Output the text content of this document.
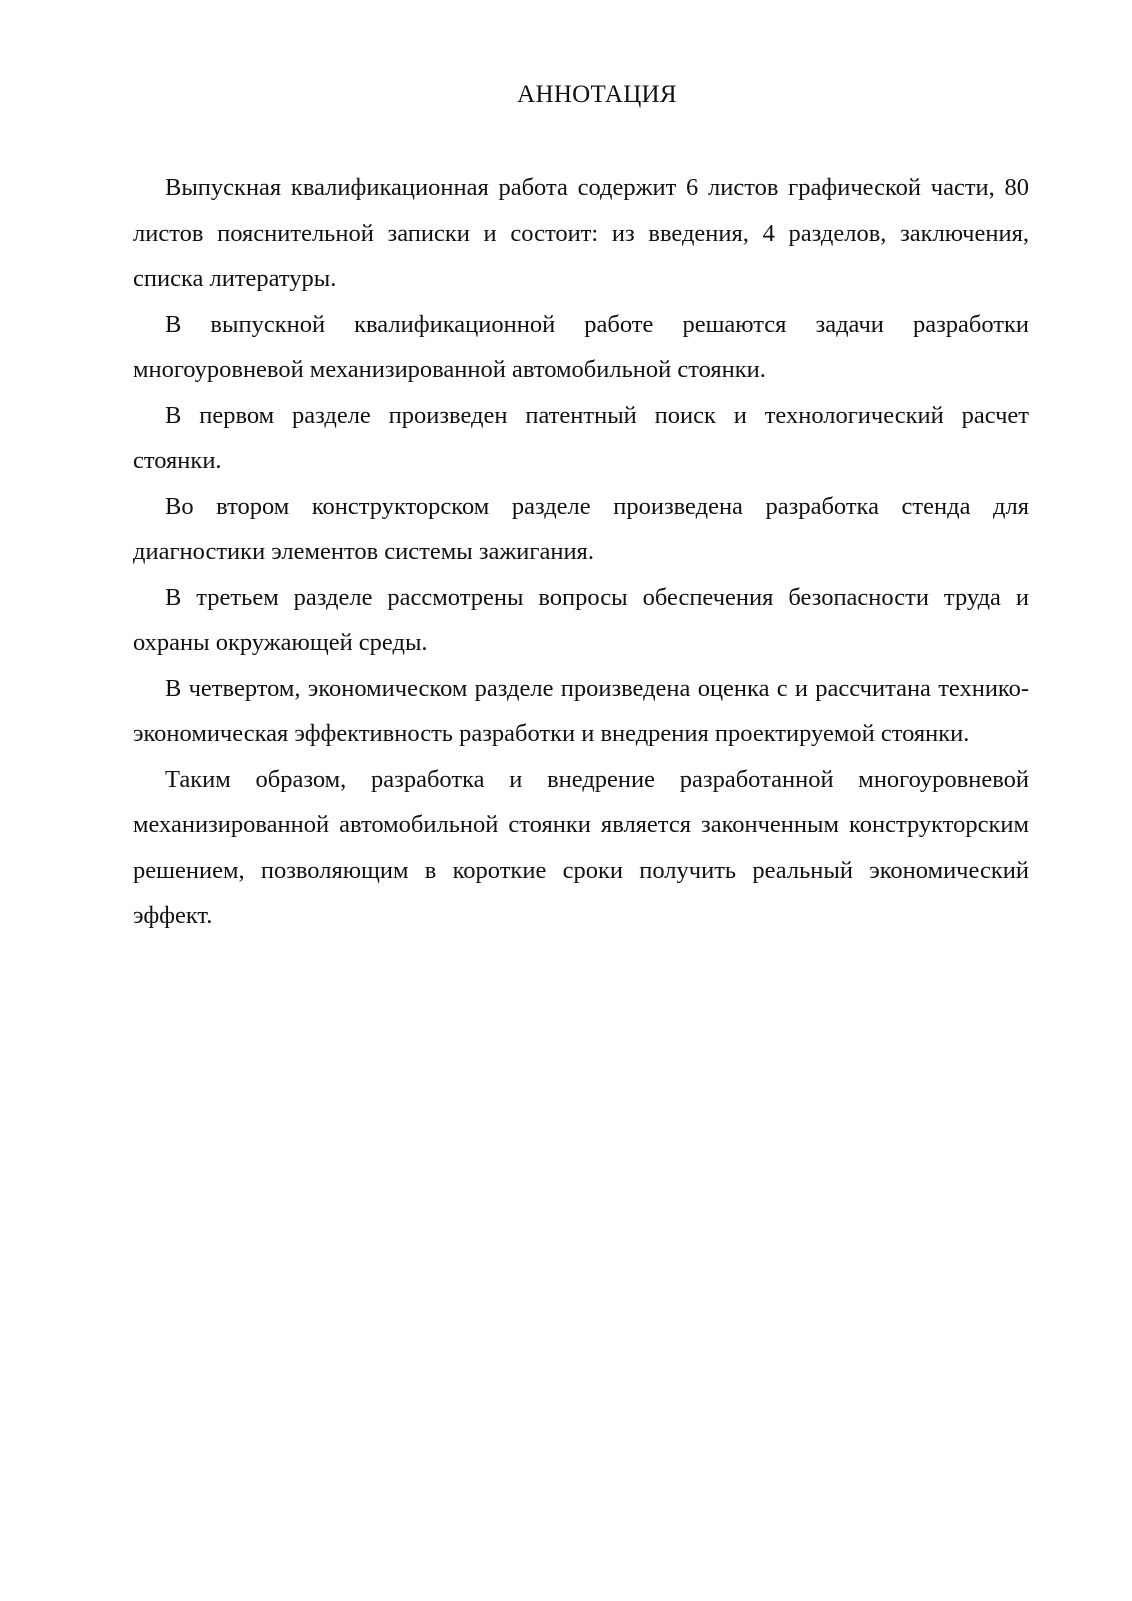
АННОТАЦИЯ

Выпускная квалификационная работа содержит 6 листов графической части, 80 листов пояснительной записки и состоит: из введения, 4 разделов, заключения, списка литературы.

В выпускной квалификационной работе решаются задачи разработки многоуровневой механизированной автомобильной стоянки.

В первом разделе произведен патентный поиск и технологический расчет стоянки.

Во втором конструкторском разделе произведена разработка стенда для диагностики элементов системы зажигания.

В третьем разделе рассмотрены вопросы обеспечения безопасности труда и охраны окружающей среды.

В четвертом, экономическом разделе произведена оценка с и рассчитана технико-экономическая эффективность разработки и внедрения проектируемой стоянки.

Таким образом, разработка и внедрение разработанной многоуровневой механизированной автомобильной стоянки является законченным конструкторским решением, позволяющим в короткие сроки получить реальный экономический эффект.
